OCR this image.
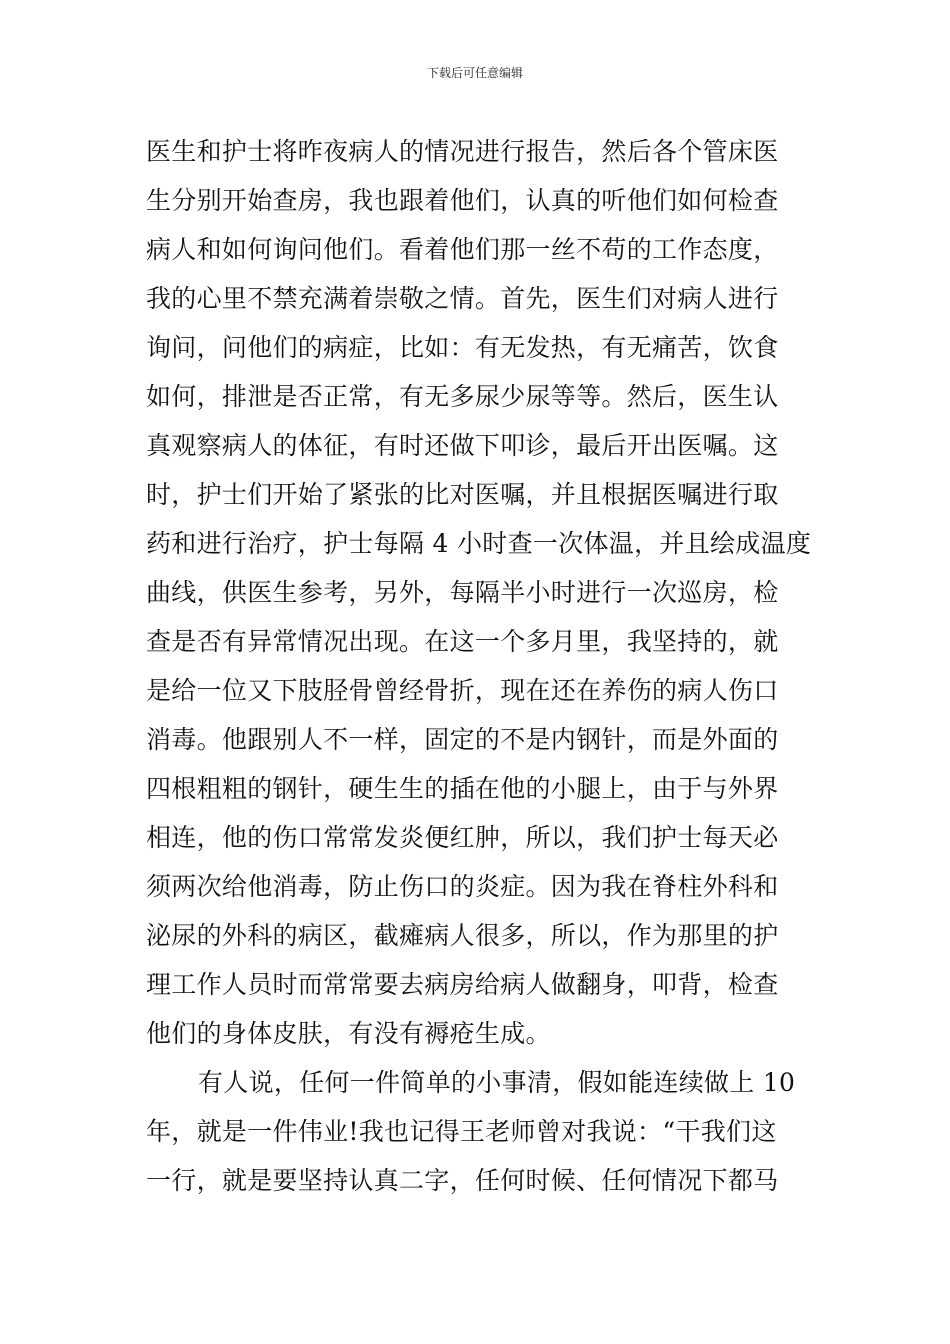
下载后可任意编辑
医生和护士将昨夜病人的情况进行报告，然后各个管床医
生分别开始查房，我也跟着他们，认真的听他们如何检查
病人和如何询问他们。看着他们那一丝不苟的工作态度，
我的心里不禁充满着崇敬之情。首先，医生们对病人进行
询问，问他们的病症，比如：有无发热，有无痛苦，饮食
如何，排泄是否正常，有无多尿少尿等等。然后，医生认
真观察病人的体征，有时还做下叩诊，最后开出医嘱。这
时，护士们开始了紧张的比对医嘱，并且根据医嘱进行取
药和进行治疗，护士每隔 4 小时查一次体温，并且绘成温度
曲线，供医生参考，另外，每隔半小时进行一次巡房，检
查是否有异常情况出现。在这一个多月里，我坚持的，就
是给一位又下肢胫骨曾经骨折，现在还在养伤的病人伤口
消毒。他跟别人不一样，固定的不是内钢针，而是外面的
四根粗粗的钢针，硬生生的插在他的小腿上，由于与外界
相连，他的伤口常常发炎便红肿，所以，我们护士每天必
须两次给他消毒，防止伤口的炎症。因为我在脊柱外科和
泌尿的外科的病区，截瘫病人很多，所以，作为那里的护
理工作人员时而常常要去病房给病人做翻身，叩背，检查
他们的身体皮肤，有没有褥疮生成。
有人说，任何一件简单的小事清，假如能连续做上 10
年，就是一件伟业!我也记得王老师曾对我说：“干我们这
一行，就是要坚持认真二字，任何时候、任何情况下都马
